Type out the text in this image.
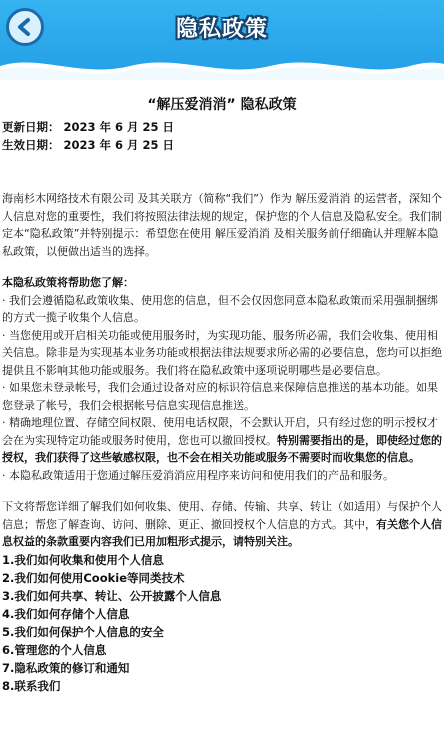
隐私政策
“解压爱消消” 隐私政策
更新日期： 2023 年 6 月 25 日
生效日期： 2023 年 6 月 25 日

海南杉木网络技术有限公司 及其关联方（简称“我们”）作为 解压爱消消 的运营者，深知个人信息对您的重要性，我们将按照法律法规的规定，保护您的个人信息及隐私安全。我们制定本“隐私政策”并特别提示：希望您在使用 解压爱消消 及相关服务前仔细确认并理解本隐私政策，以便做出适当的选择。

本隐私政策将帮助您了解：

· 我们会遵循隐私政策收集、使用您的信息，但不会仅因您同意本隐私政策而采用强制捆绑的方式一揽子收集个人信息。

· 当您使用或开启相关功能或使用服务时，为实现功能、服务所必需，我们会收集、使用相关信息。除非是为实现基本业务功能或根据法律法规要求所必需的必要信息，您均可以拒绝提供且不影响其他功能或服务。我们将在隐私政策中逐项说明哪些是必要信息。

· 如果您未登录帐号，我们会通过设备对应的标识符信息来保障信息推送的基本功能。如果您登录了帐号，我们会根据帐号信息实现信息推送。

· 精确地理位置、存储空间权限、使用电话权限，不会默认开启，只有经过您的明示授权才会在为实现特定功能或服务时使用，您也可以撤回授权。特别需要指出的是，即使经过您的授权，我们获得了这些敏感权限，也不会在相关功能或服务不需要时而收集您的信息。

· 本隐私政策适用于您通过解压爱消消应用程序来访问和使用我们的产品和服务。

下文将帮您详细了解我们如何收集、使用、存储、传输、共享、转让（如适用）与保护个人信息；帮您了解查询、访问、删除、更正、撤回授权个人信息的方式。其中，有关您个人信息权益的条款重要内容我们已用加粗形式提示，请特别关注。

1.我们如何收集和使用个人信息

2.我们如何使用Cookie等同类技术

3.我们如何共享、转让、公开披露个人信息

4.我们如何存储个人信息

5.我们如何保护个人信息的安全

6.管理您的个人信息

7.隐私政策的修订和通知

8.联系我们
